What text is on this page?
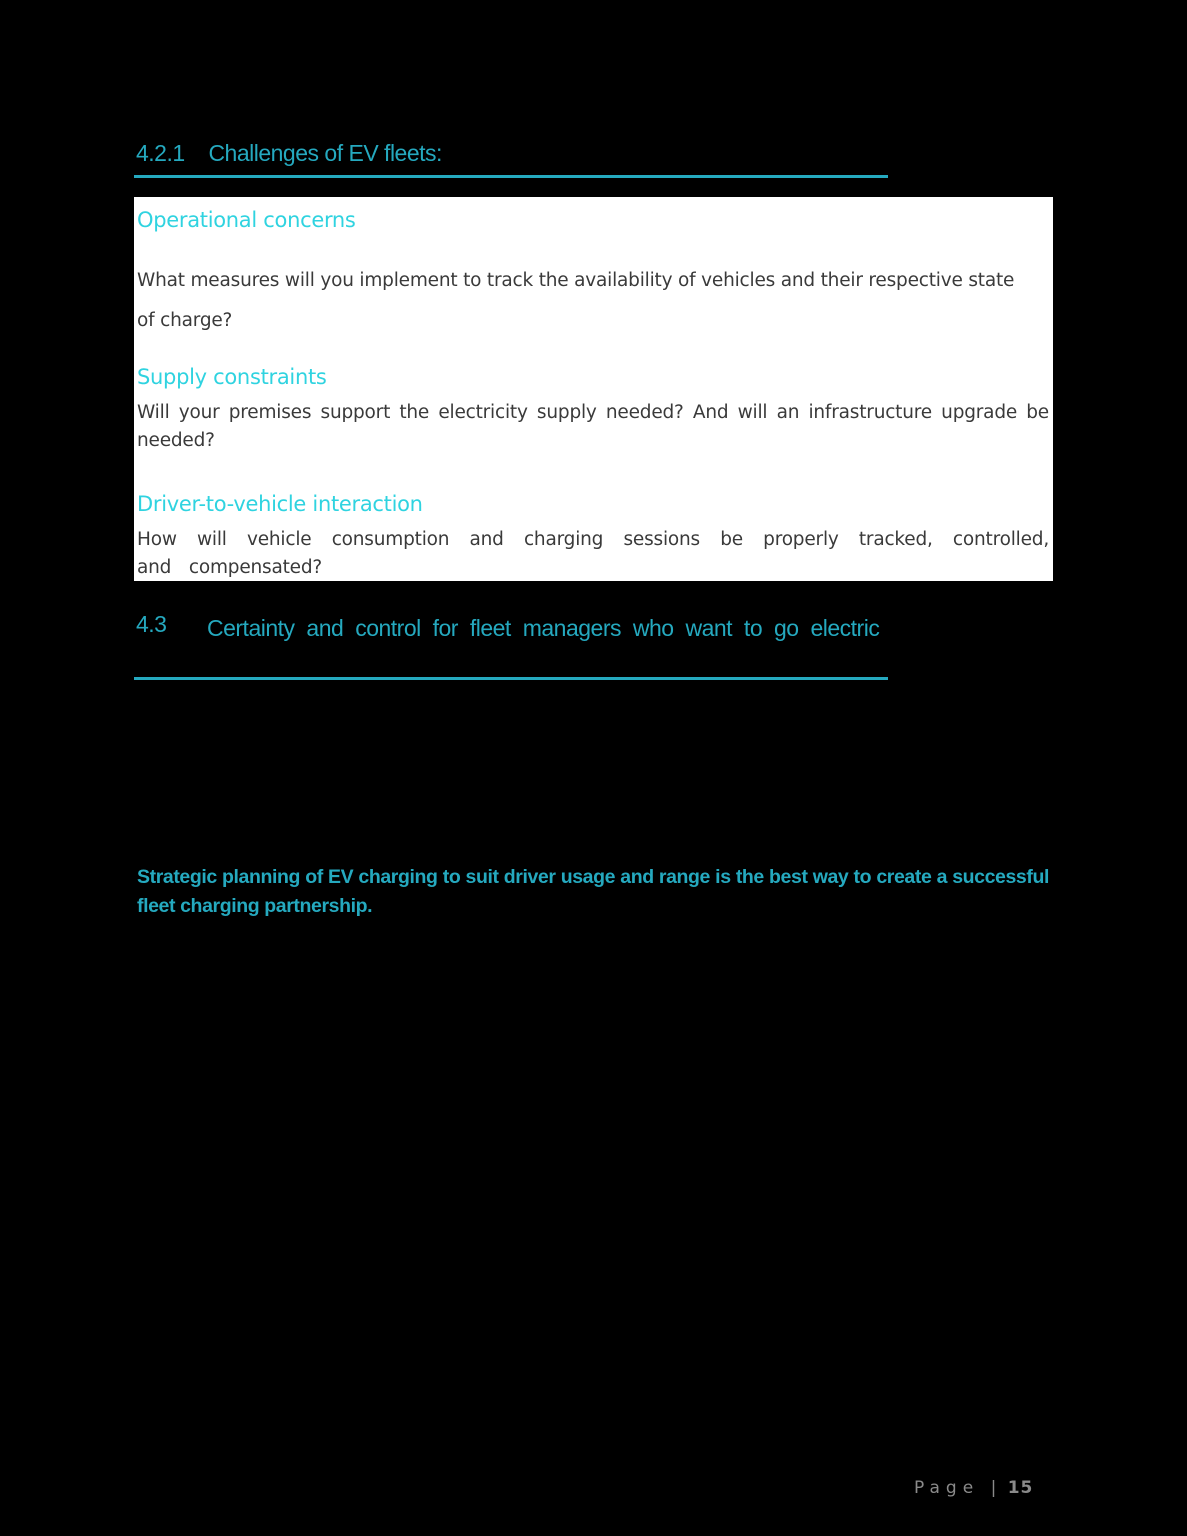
4.2.1 Challenges of EV fleets:
Operational concerns
What measures will you implement to track the availability of vehicles and their respective state
of charge?
Supply constraints
Will your premises support the electricity supply needed? And will an infrastructure upgrade be needed?
Driver-to-vehicle interaction
How will vehicle consumption and charging sessions be properly tracked, controlled, and compensated?
4.3 Certainty and control for fleet managers who want to go electric
Strategic planning of EV charging to suit driver usage and range is the best way to create a successful fleet charging partnership.
Page | 15
